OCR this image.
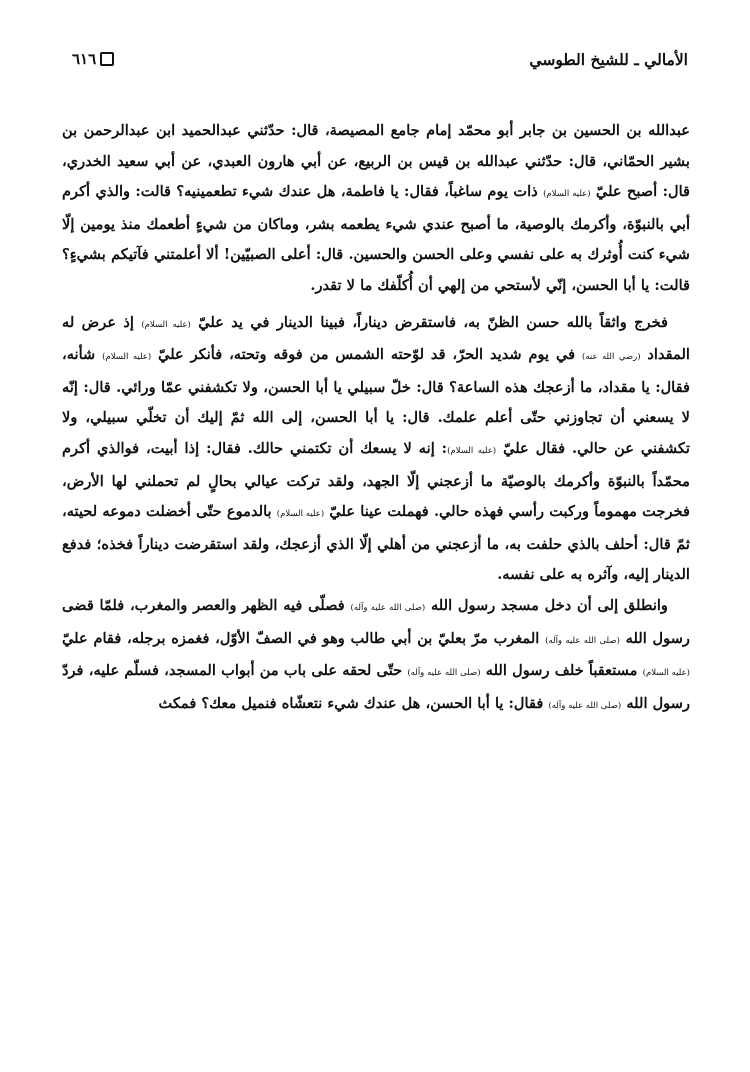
الأمالي ـ للشيخ الطوسي
٦١٦

عبدالله بن الحسين بن جابر أبو محمّد إمام جامع المصيصة، قال: حدّثني عبدالحميد ابن عبدالرحمن بن بشير الحمّاني، قال: حدّثني عبدالله بن قيس بن الربيع، عن أبي هارون العبدي، عن أبي سعيد الخدري، قال: أصبح عليّ (عليه السلام) ذات يوم ساغباً، فقال: يا فاطمة، هل عندك شيء تطعمينيه؟ قالت: والذي أكرم أبي بالنبوّة، وأكرمك بالوصية، ما أصبح عندي شيء يطعمه بشر، وماكان من شيءٍ أطعمك منذ يومين إلّا شيء كنت أُوثرك به على نفسي وعلى الحسن والحسين. قال: أعلى الصبيّين! ألا أعلمتني فآتيكم بشيءٍ؟ قالت: يا أبا الحسن، إنّي لأستحي من إلهي أن أُكلّفك ما لا تقدر.

فخرج واثقاً بالله حسن الظنّ به، فاستقرض ديناراً، فبينا الدينار في يد عليّ (عليه السلام) إذ عرض له المقداد (رضي الله عنه) في يوم شديد الحرّ، قد لوّحته الشمس من فوقه وتحته، فأنكر عليّ (عليه السلام) شأنه، فقال: يا مقداد، ما أزعجك هذه الساعة؟ قال: خلّ سبيلي يا أبا الحسن، ولا تكشفني عمّا ورائي. قال: إنّه لا يسعني أن تجاوزني حتّى أعلم علمك. قال: يا أبا الحسن، إلى الله ثمّ إليك أن تخلّي سبيلي، ولا تكشفني عن حالي. فقال عليّ (عليه السلام): إنه لا يسعك أن تكتمني حالك. فقال: إذا أبيت، فوالذي أكرم محمّداً بالنبوّة وأكرمك بالوصيّة ما أزعجني إلّا الجهد، ولقد تركت عيالي بحالٍ لم تحملني لها الأرض، فخرجت مهموماً وركبت رأسي فهذه حالي. فهملت عينا عليّ (عليه السلام) بالدموع حتّى أخضلت دموعه لحيته، ثمّ قال: أحلف بالذي حلفت به، ما أزعجني من أهلي إلّا الذي أزعجك، ولقد استقرضت ديناراً فخذه؛ فدفع الدينار إليه، وآثره به على نفسه.

وانطلق إلى أن دخل مسجد رسول الله (صلى الله عليه وآله) فصلّى فيه الظهر والعصر والمغرب، فلمّا قضى رسول الله (صلى الله عليه وآله) المغرب مرّ بعليّ بن أبي طالب وهو في الصفّ الأوّل، فغمزه برجله، فقام عليّ (عليه السلام) مستعقباً خلف رسول الله (صلى الله عليه وآله) حتّى لحقه على باب من أبواب المسجد، فسلّم عليه، فردّ رسول الله (صلى الله عليه وآله) فقال: يا أبا الحسن، هل عندك شيء نتعشّاه فنميل معك؟ فمكث
